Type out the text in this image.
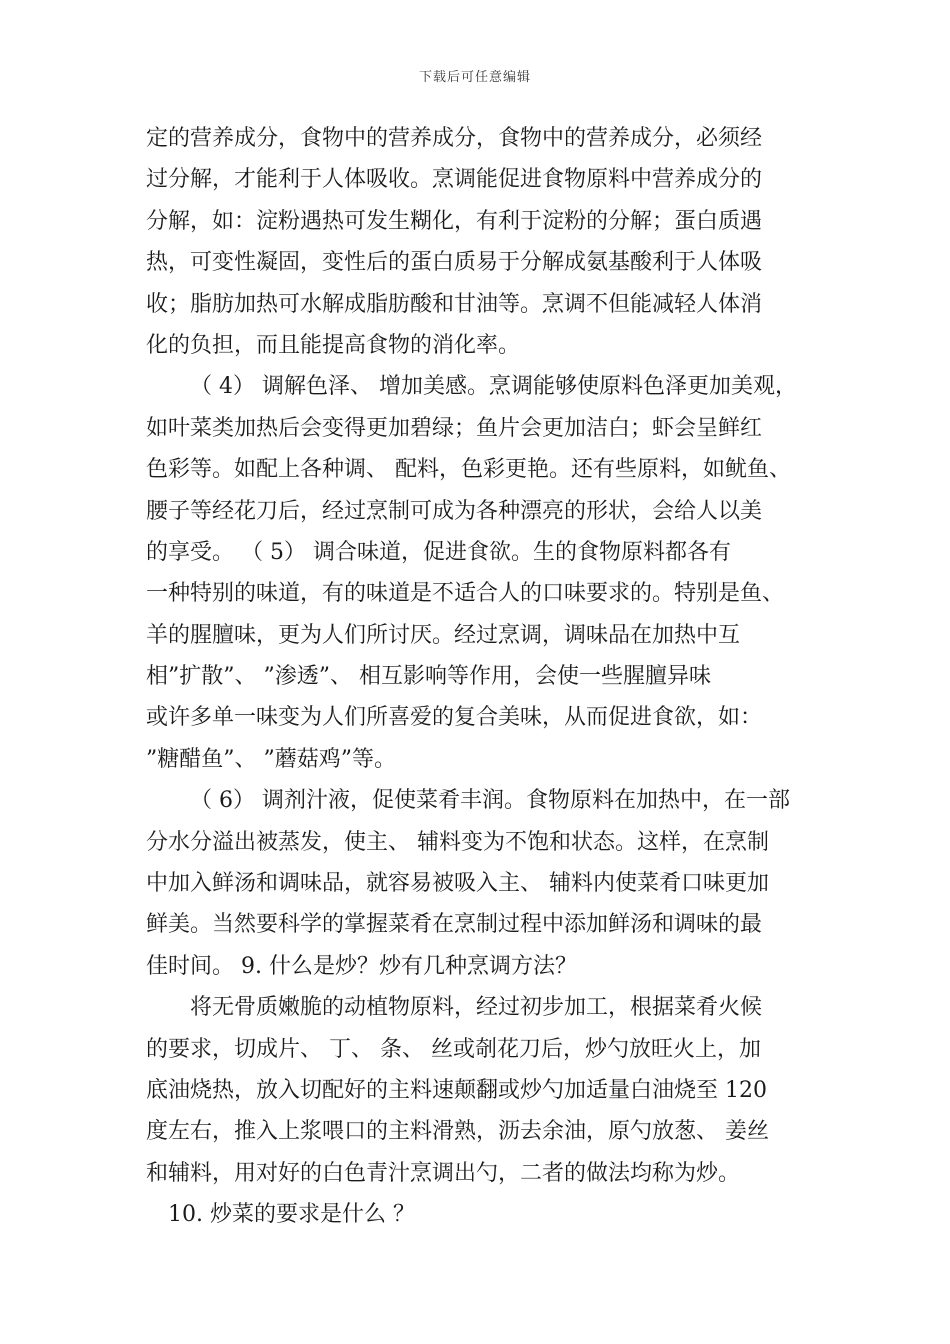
下载后可任意编辑
定的营养成分，食物中的营养成分，食物中的营养成分，必须经
过分解，才能利于人体吸收。烹调能促进食物原料中营养成分的
分解，如：淀粉遇热可发生糊化，有利于淀粉的分解；蛋白质遇
热，可变性凝固，变性后的蛋白质易于分解成氨基酸利于人体吸
收；脂肪加热可水解成脂肪酸和甘油等。烹调不但能减轻人体消
化的负担，而且能提高食物的消化率。
（ 4） 调解色泽、 增加美感。烹调能够使原料色泽更加美观，
如叶菜类加热后会变得更加碧绿；鱼片会更加洁白；虾会呈鲜红
色彩等。如配上各种调、 配料，色彩更艳。还有些原料，如鱿鱼、
腰子等经花刀后，经过烹制可成为各种漂亮的形状，会给人以美
的享受。 （ 5） 调合味道，促进食欲。生的食物原料都各有
一种特别的味道，有的味道是不适合人的口味要求的。特别是鱼、
羊的腥膻味，更为人们所讨厌。经过烹调，调味品在加热中互
相”扩散”、 ”渗透”、 相互影响等作用，会使一些腥膻异味
或许多单一味变为人们所喜爱的复合美味，从而促进食欲，如：
”糖醋鱼”、 ”蘑菇鸡”等。
（ 6） 调剂汁液，促使菜肴丰润。食物原料在加热中，在一部
分水分溢出被蒸发，使主、 辅料变为不饱和状态。这样，在烹制
中加入鲜汤和调味品，就容易被吸入主、 辅料内使菜肴口味更加
鲜美。当然要科学的掌握菜肴在烹制过程中添加鲜汤和调味的最
佳时间。 9. 什么是炒？炒有几种烹调方法？
将无骨质嫩脆的动植物原料，经过初步加工，根据菜肴火候
的要求，切成片、 丁、 条、 丝或剞花刀后，炒勺放旺火上，加
底油烧热，放入切配好的主料速颠翻或炒勺加适量白油烧至 120
度左右，推入上浆喂口的主料滑熟，沥去余油，原勺放葱、 姜丝
和辅料，用对好的白色青汁烹调出勺，二者的做法均称为炒。
10. 炒菜的要求是什么 ？
